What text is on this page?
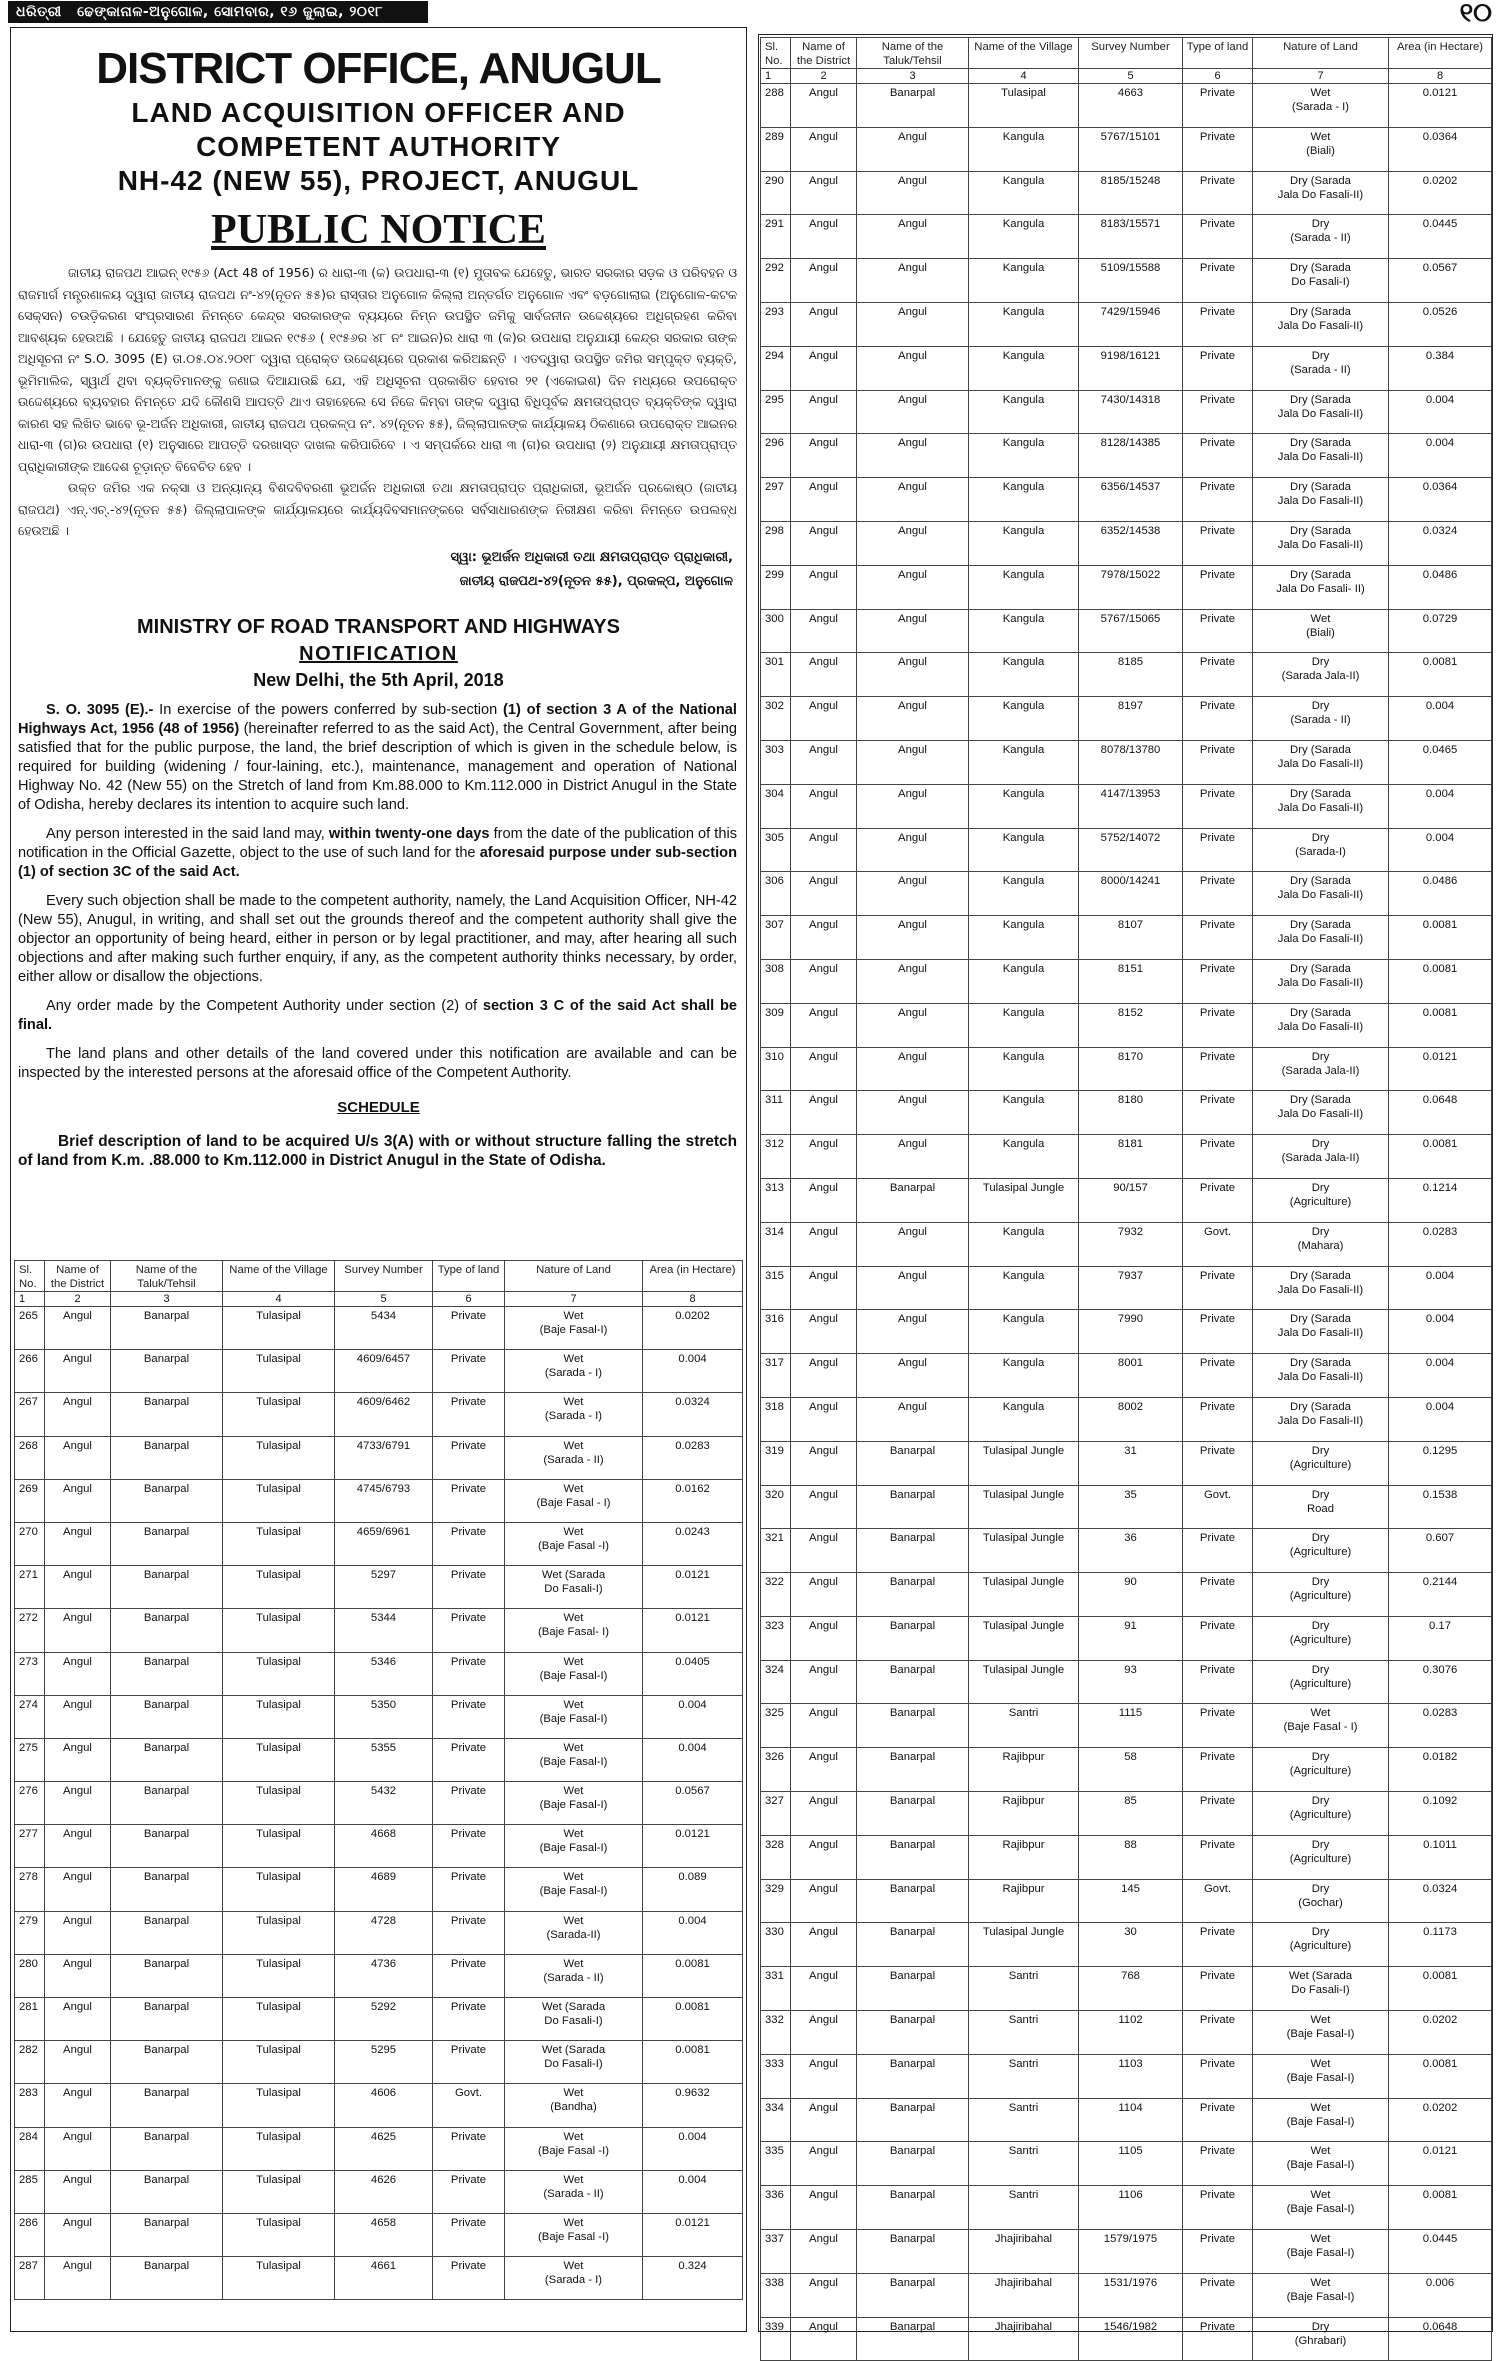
ଧରିତ୍ରୀ ଢେଙ୍କାନାଳ-ଅନୁଗୋଳ, ସୋମବାର, ୧୬ ଜୁଲାଇ, ୨୦୧୮	୧୦
DISTRICT OFFICE, ANUGUL
LAND ACQUISITION OFFICER AND
COMPETENT AUTHORITY
NH-42 (NEW 55), PROJECT, ANUGUL
PUBLIC NOTICE
ଜାତୀୟ ରାଜପଥ ଆଇନ୍ ୧୯୫୬ (Act 48 of 1956) ର ଧାରା-୩ (କ) ଉପଧାରା-୩ (୧) ମୁତାବକ ଯେହେତୁ, ଭାରତ ସରକାର ସଡ଼କ ଓ ପରିବହନ ଓ ରାଜମାର୍ଗ ମନ୍ତ୍ରଣାଳୟ ଦ୍ୱାରା ଜାତୀୟ ରାଜପଥ ନଂ-୪୨(ନୂତନ ୫୫)ର ରାସ୍ତାର ଅନୁଗୋଳ କିଲ୍ଲା ଅନ୍ତର୍ଗତ ଅନୁଗୋଳ ଏବଂ ବଡ଼ଗୋଲାଇ (ଅନୁଗୋଳ-କଟକ ସେକ୍ସନ) ଚଉଡ଼ିକରଣ ସଂପ୍ରସାରଣ ନିମନ୍ତେ କେନ୍ଦ୍ର ସରକାରଙ୍କ ବ୍ୟୟରେ ନିମ୍ନ ଉପସ୍ଥିତ ଜମିକୁ ସାର୍ବଜନୀନ ଉଦ୍ଦେଶ୍ୟରେ ଅଧିଗ୍ରହଣ କରିବା ଆବଶ୍ୟକ ହେଉଅଛି । ଯେହେତୁ ଜାତୀୟ ରାଜପଥ ଆଇନ ୧୯୫୬ ( ୧୯୫୬ର ୪୮ ନଂ ଆଇନ)ର ଧାରା ୩ (କ)ର ଉପଧାରା ଅନୁଯାୟୀ କେନ୍ଦ୍ର ସରକାର ତାଙ୍କ ଅଧିସୂଚନା ନଂ S.O. 3095 (E) ତା.୦୫.୦୪.୨୦୧୮ ଦ୍ୱାରା ପ୍ରୋକ୍ତ ଉଦ୍ଦେଶ୍ୟରେ ପ୍ରକାଶ କରିଅଛନ୍ତି । ଏତଦ୍ୱାରା ଉପସ୍ଥିତ ଜମିର ସମ୍ପୃକ୍ତ ବ୍ୟକ୍ତି, ଭୂମିମାଲିକ, ସ୍ୱାର୍ଥ ଥିବା ବ୍ୟକ୍ତିମାନଙ୍କୁ ଜଣାଇ ଦିଆଯାଉଛି ଯେ, ଏହି ଅଧିସୂଚନା ପ୍ରକାଶିତ ହେବାର ୨୧ (ଏକୋଇଶ) ଦିନ ମଧ୍ୟରେ ଉପରୋକ୍ତ ଉଦ୍ଦେଶ୍ୟରେ ବ୍ୟବହାର ନିମନ୍ତେ ଯଦି କୌଣସି ଆପତ୍ତି ଥାଏ ତାହାହେଲେ ସେ ନିଜେ କିମ୍ବା ତାଙ୍କ ଦ୍ୱାରା ବିଧିପୂର୍ବକ କ୍ଷମତାପ୍ରାପ୍ତ ବ୍ୟକ୍ତିଙ୍କ ଦ୍ୱାରା କାରଣ ସହ ଲିଖିତ ଭାବେ ଭୂ-ଅର୍ଜନ ଅଧିକାରୀ, ଜାତୀୟ ରାଜପଥ ପ୍ରକଳ୍ପ ନଂ. ୪୨(ନୂତନ ୫୫), ଜିଲ୍ଲାପାଳଙ୍କ କାର୍ଯ୍ୟାଳୟ ଠିକଣାରେ ଉପରୋକ୍ତ ଆଇନର ଧାରା-୩ (ଗ)ର ଉପଧାରା (୧) ଅନୁସାରେ ଆପତ୍ତି ଦରଖାସ୍ତ ଦାଖଲ କରିପାରିବେ । ଏ ସମ୍ପର୍କରେ ଧାରା ୩ (ଗ)ର ଉପଧାରା (୨) ଅନୁଯାୟୀ କ୍ଷମତାପ୍ରାପ୍ତ ପ୍ରାଧିକାରୀଙ୍କ ଆଦେଶ ଚୂଡ଼ାନ୍ତ ବିବେଚିତ ହେବ ।
ଉକ୍ତ ଜମିର ଏକ ନକ୍ସା ଓ ଅନ୍ୟାନ୍ୟ ବିଶଦବିବରଣୀ ଭୂଅର୍ଜନ ଅଧିକାରୀ ତଥା କ୍ଷମତାପ୍ରାପ୍ତ ପ୍ରାଧିକାରୀ, ଭୂଅର୍ଜନ ପ୍ରକୋଷ୍ଠ (ଜାତୀୟ ରାଜପଥ) ଏନ୍.ଏଚ୍.-୪୨(ନୂତନ ୫୫) ଜିଲ୍ଲାପାଳଙ୍କ କାର୍ଯ୍ୟାଳୟରେ କାର୍ଯ୍ୟଦିବସମାନଙ୍କରେ ସର୍ବସାଧାରଣଙ୍କ ନିରୀକ୍ଷଣ କରିବା ନିମନ୍ତେ ଉପଲବ୍ଧ ହେଉଅଛି ।
ସ୍ୱା: ଭୂଅର୍ଜନ ଅଧିକାରୀ ତଥା କ୍ଷମତାପ୍ରାପ୍ତ ପ୍ରାଧିକାରୀ,
ଜାତୀୟ ରାଜପଥ-୪୨(ନୂତନ ୫୫), ପ୍ରକଳ୍ପ, ଅନୁଗୋଳ
MINISTRY OF ROAD TRANSPORT AND HIGHWAYS
NOTIFICATION
New Delhi, the 5th April, 2018
S. O. 3095 (E).- In exercise of the powers conferred by sub-section (1) of section 3 A of the National Highways Act, 1956 (48 of 1956) (hereinafter referred to as the said Act), the Central Government, after being satisfied that for the public purpose, the land, the brief description of which is given in the schedule below, is required for building (widening / four-laining, etc.), maintenance, management and operation of National Highway No. 42 (New 55) on the Stretch of land from Km.88.000 to Km.112.000 in District Anugul in the State of Odisha, hereby declares its intention to acquire such land.
Any person interested in the said land may, within twenty-one days from the date of the publication of this notification in the Official Gazette, object to the use of such land for the aforesaid purpose under sub-section (1) of section 3C of the said Act.
Every such objection shall be made to the competent authority, namely, the Land Acquisition Officer, NH-42 (New 55), Anugul, in writing, and shall set out the grounds thereof and the competent authority shall give the objector an opportunity of being heard, either in person or by legal practitioner, and may, after hearing all such objections and after making such further enquiry, if any, as the competent authority thinks necessary, by order, either allow or disallow the objections.
Any order made by the Competent Authority under section (2) of section 3 C of the said Act shall be final.
The land plans and other details of the land covered under this notification are available and can be inspected by the interested persons at the aforesaid office of the Competent Authority.
SCHEDULE
Brief description of land to be acquired U/s 3(A) with or without structure falling the stretch of land from K.m. .88.000 to Km.112.000 in District Anugul in the State of Odisha.
Sl. No.	Name of the District	Name of the Taluk/Tehsil	Name of the Village	Survey Number	Type of land	Nature of Land	Area (in Hectare)
1	2	3	4	5	6	7	8
265	Angul	Banarpal	Tulasipal	5434	Private	Wet
(Baje Fasal-I)	0.0202
266	Angul	Banarpal	Tulasipal	4609/6457	Private	Wet
(Sarada - I)	0.004
267	Angul	Banarpal	Tulasipal	4609/6462	Private	Wet
(Sarada - I)	0.0324
268	Angul	Banarpal	Tulasipal	4733/6791	Private	Wet
(Sarada - II)	0.0283
269	Angul	Banarpal	Tulasipal	4745/6793	Private	Wet
(Baje Fasal - I)	0.0162
270	Angul	Banarpal	Tulasipal	4659/6961	Private	Wet
(Baje Fasal -I)	0.0243
271	Angul	Banarpal	Tulasipal	5297	Private	Wet (Sarada
Do Fasali-I)	0.0121
272	Angul	Banarpal	Tulasipal	5344	Private	Wet
(Baje Fasal- I)	0.0121
273	Angul	Banarpal	Tulasipal	5346	Private	Wet
(Baje Fasal-I)	0.0405
274	Angul	Banarpal	Tulasipal	5350	Private	Wet
(Baje Fasal-I)	0.004
275	Angul	Banarpal	Tulasipal	5355	Private	Wet
(Baje Fasal-I)	0.004
276	Angul	Banarpal	Tulasipal	5432	Private	Wet
(Baje Fasal-I)	0.0567
277	Angul	Banarpal	Tulasipal	4668	Private	Wet
(Baje Fasal-I)	0.0121
278	Angul	Banarpal	Tulasipal	4689	Private	Wet
(Baje Fasal-I)	0.089
279	Angul	Banarpal	Tulasipal	4728	Private	Wet
(Sarada-II)	0.004
280	Angul	Banarpal	Tulasipal	4736	Private	Wet
(Sarada - II)	0.0081
281	Angul	Banarpal	Tulasipal	5292	Private	Wet (Sarada
Do Fasali-I)	0.0081
282	Angul	Banarpal	Tulasipal	5295	Private	Wet (Sarada
Do Fasali-I)	0.0081
283	Angul	Banarpal	Tulasipal	4606	Govt.	Wet
(Bandha)	0.9632
284	Angul	Banarpal	Tulasipal	4625	Private	Wet
(Baje Fasal -I)	0.004
285	Angul	Banarpal	Tulasipal	4626	Private	Wet
(Sarada - II)	0.004
286	Angul	Banarpal	Tulasipal	4658	Private	Wet
(Baje Fasal -I)	0.0121
287	Angul	Banarpal	Tulasipal	4661	Private	Wet
(Sarada - I)	0.324
Sl. No.	Name of the District	Name of the Taluk/Tehsil	Name of the Village	Survey Number	Type of land	Nature of Land	Area (in Hectare)
1	2	3	4	5	6	7	8
288	Angul	Banarpal	Tulasipal	4663	Private	Wet
(Sarada - I)	0.0121
289	Angul	Angul	Kangula	5767/15101	Private	Wet
(Biali)	0.0364
290	Angul	Angul	Kangula	8185/15248	Private	Dry (Sarada
Jala Do Fasali-II)	0.0202
291	Angul	Angul	Kangula	8183/15571	Private	Dry
(Sarada - II)	0.0445
292	Angul	Angul	Kangula	5109/15588	Private	Dry (Sarada
Do Fasali-I)	0.0567
293	Angul	Angul	Kangula	7429/15946	Private	Dry (Sarada
Jala Do Fasali-II)	0.0526
294	Angul	Angul	Kangula	9198/16121	Private	Dry
(Sarada - II)	0.384
295	Angul	Angul	Kangula	7430/14318	Private	Dry (Sarada
Jala Do Fasali-II)	0.004
296	Angul	Angul	Kangula	8128/14385	Private	Dry (Sarada
Jala Do Fasali-II)	0.004
297	Angul	Angul	Kangula	6356/14537	Private	Dry (Sarada
Jala Do Fasali-II)	0.0364
298	Angul	Angul	Kangula	6352/14538	Private	Dry (Sarada
Jala Do Fasali-II)	0.0324
299	Angul	Angul	Kangula	7978/15022	Private	Dry (Sarada
Jala Do Fasali- II)	0.0486
300	Angul	Angul	Kangula	5767/15065	Private	Wet
(Biali)	0.0729
301	Angul	Angul	Kangula	8185	Private	Dry
(Sarada Jala-II)	0.0081
302	Angul	Angul	Kangula	8197	Private	Dry
(Sarada - II)	0.004
303	Angul	Angul	Kangula	8078/13780	Private	Dry (Sarada
Jala Do Fasali-II)	0.0465
304	Angul	Angul	Kangula	4147/13953	Private	Dry (Sarada
Jala Do Fasali-II)	0.004
305	Angul	Angul	Kangula	5752/14072	Private	Dry
(Sarada-I)	0.004
306	Angul	Angul	Kangula	8000/14241	Private	Dry (Sarada
Jala Do Fasali-II)	0.0486
307	Angul	Angul	Kangula	8107	Private	Dry (Sarada
Jala Do Fasali-II)	0.0081
308	Angul	Angul	Kangula	8151	Private	Dry (Sarada
Jala Do Fasali-II)	0.0081
309	Angul	Angul	Kangula	8152	Private	Dry (Sarada
Jala Do Fasali-II)	0.0081
310	Angul	Angul	Kangula	8170	Private	Dry
(Sarada Jala-II)	0.0121
311	Angul	Angul	Kangula	8180	Private	Dry (Sarada
Jala Do Fasali-II)	0.0648
312	Angul	Angul	Kangula	8181	Private	Dry
(Sarada Jala-II)	0.0081
313	Angul	Banarpal	Tulasipal Jungle	90/157	Private	Dry
(Agriculture)	0.1214
314	Angul	Angul	Kangula	7932	Govt.	Dry
(Mahara)	0.0283
315	Angul	Angul	Kangula	7937	Private	Dry (Sarada
Jala Do Fasali-II)	0.004
316	Angul	Angul	Kangula	7990	Private	Dry (Sarada
Jala Do Fasali-II)	0.004
317	Angul	Angul	Kangula	8001	Private	Dry (Sarada
Jala Do Fasali-II)	0.004
318	Angul	Angul	Kangula	8002	Private	Dry (Sarada
Jala Do Fasali-II)	0.004
319	Angul	Banarpal	Tulasipal Jungle	31	Private	Dry
(Agriculture)	0.1295
320	Angul	Banarpal	Tulasipal Jungle	35	Govt.	Dry
Road	0.1538
321	Angul	Banarpal	Tulasipal Jungle	36	Private	Dry
(Agriculture)	0.607
322	Angul	Banarpal	Tulasipal Jungle	90	Private	Dry
(Agriculture)	0.2144
323	Angul	Banarpal	Tulasipal Jungle	91	Private	Dry
(Agriculture)	0.17
324	Angul	Banarpal	Tulasipal Jungle	93	Private	Dry
(Agriculture)	0.3076
325	Angul	Banarpal	Santri	1115	Private	Wet
(Baje Fasal - I)	0.0283
326	Angul	Banarpal	Rajibpur	58	Private	Dry
(Agriculture)	0.0182
327	Angul	Banarpal	Rajibpur	85	Private	Dry
(Agriculture)	0.1092
328	Angul	Banarpal	Rajibpur	88	Private	Dry
(Agriculture)	0.1011
329	Angul	Banarpal	Rajibpur	145	Govt.	Dry
(Gochar)	0.0324
330	Angul	Banarpal	Tulasipal Jungle	30	Private	Dry
(Agriculture)	0.1173
331	Angul	Banarpal	Santri	768	Private	Wet (Sarada
Do Fasali-I)	0.0081
332	Angul	Banarpal	Santri	1102	Private	Wet
(Baje Fasal-I)	0.0202
333	Angul	Banarpal	Santri	1103	Private	Wet
(Baje Fasal-I)	0.0081
334	Angul	Banarpal	Santri	1104	Private	Wet
(Baje Fasal-I)	0.0202
335	Angul	Banarpal	Santri	1105	Private	Wet
(Baje Fasal-I)	0.0121
336	Angul	Banarpal	Santri	1106	Private	Wet
(Baje Fasal-I)	0.0081
337	Angul	Banarpal	Jhajiribahal	1579/1975	Private	Wet
(Baje Fasal-I)	0.0445
338	Angul	Banarpal	Jhajiribahal	1531/1976	Private	Wet
(Baje Fasal-I)	0.006
339	Angul	Banarpal	Jhajiribahal	1546/1982	Private	Dry
(Ghrabari)	0.0648
